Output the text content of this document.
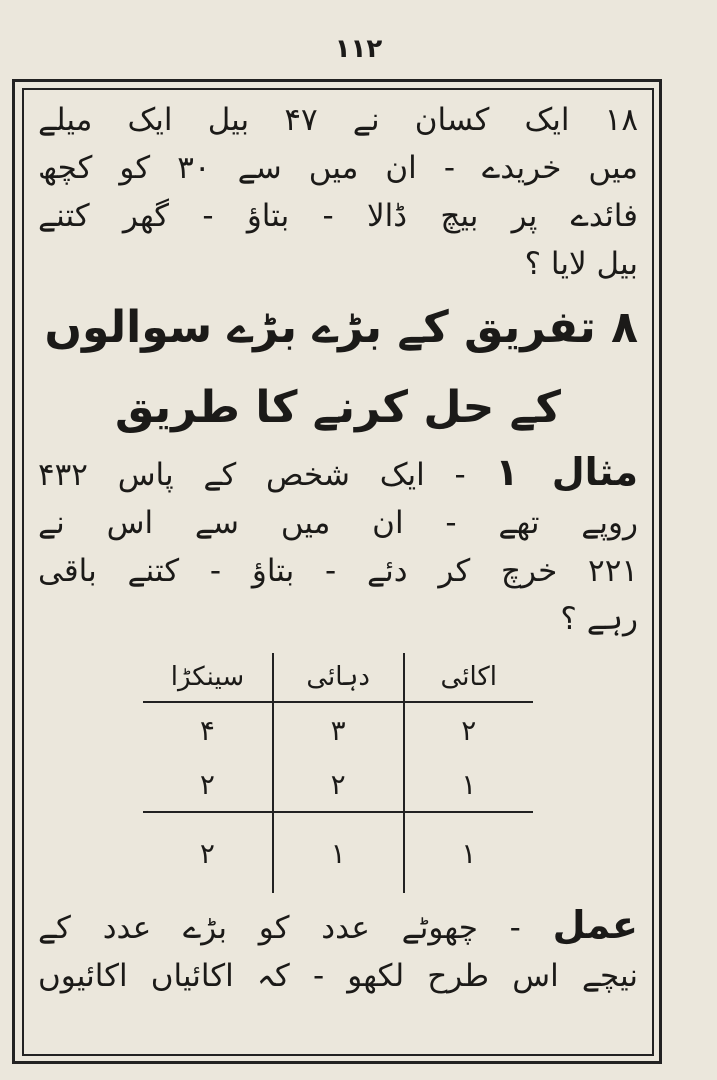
۱۱۲
۱۸ ایک کسان نے ۴۷ بیل ایک میلے
میں خریدے - ان میں سے ۳۰ کو کچھ
فائدے پر بیچ ڈالا - بتاؤ - گھر کتنے
بیل لایا ؟
۸ تفریق کے بڑے بڑے سوالوں
کے حل کرنے کا طریق
مثال ۱ - ایک شخص کے پاس ۴۳۲
روپے تھے - ان میں سے اس نے
۲۲۱ خرچ کر دئے - بتاؤ - کتنے باقی
رہے ؟
اکائی	دہائی	سینکڑا
۲	۳	۴
۱	۲	۲
۱	۱	۲
عمل - چھوٹے عدد کو بڑے عدد کے
نیچے اس طرح لکھو - کہ اکائیاں اکائیوں
